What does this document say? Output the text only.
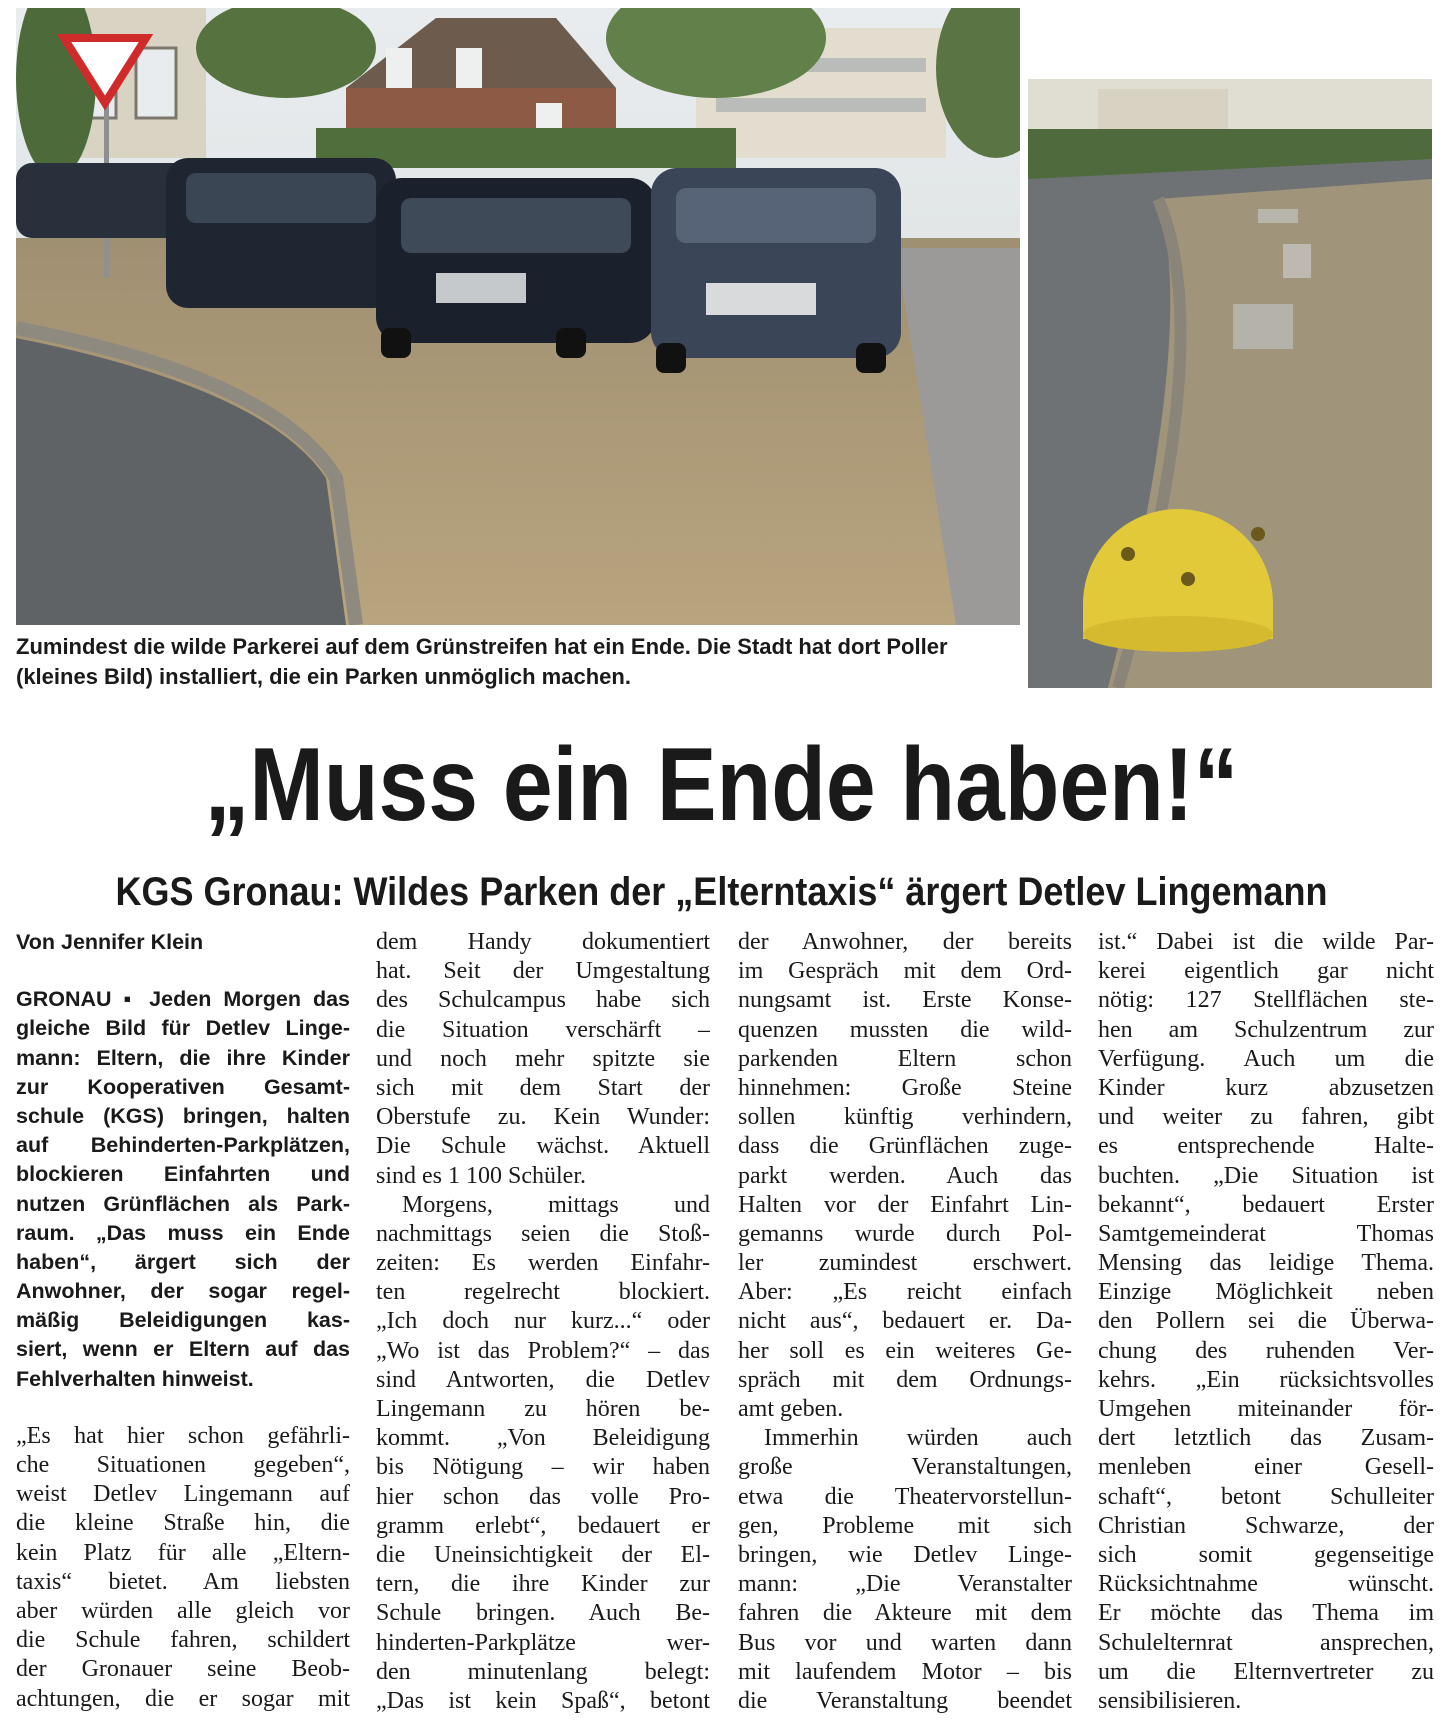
Zumindest die wilde Parkerei auf dem Grünstreifen hat ein Ende. Die Stadt hat dort Poller

(kleines Bild) installiert, die ein Parken unmöglich machen.

„Muss ein Ende haben!“
KGS Gronau: Wildes Parken der „Elterntaxis“ ärgert Detlev Lingemann
Von Jennifer Klein
GRONAU ▪ Jeden Morgen das
gleiche Bild für Detlev Linge-
mann: Eltern, die ihre Kinder
zur Kooperativen Gesamt-
schule (KGS) bringen, halten
auf Behinderten-Parkplätzen,
blockieren Einfahrten und
nutzen Grünflächen als Park-
raum. „Das muss ein Ende
haben“, ärgert sich der
Anwohner, der sogar regel-
mäßig Beleidigungen kas-
siert, wenn er Eltern auf das
Fehlverhalten hinweist.
„Es hat hier schon gefährli-
che Situationen gegeben“,
weist Detlev Lingemann auf
die kleine Straße hin, die
kein Platz für alle „Eltern-
taxis“ bietet. Am liebsten
aber würden alle gleich vor
die Schule fahren, schildert
der Gronauer seine Beob-
achtungen, die er sogar mit
dem Handy dokumentiert
hat. Seit der Umgestaltung
des Schulcampus habe sich
die Situation verschärft –
und noch mehr spitzte sie
sich mit dem Start der
Oberstufe zu. Kein Wunder:
Die Schule wächst. Aktuell
sind es 1 100 Schüler.
Morgens, mittags und
nachmittags seien die Stoß-
zeiten: Es werden Einfahr-
ten regelrecht blockiert.
„Ich doch nur kurz...“ oder
„Wo ist das Problem?“ – das
sind Antworten, die Detlev
Lingemann zu hören be-
kommt. „Von Beleidigung
bis Nötigung – wir haben
hier schon das volle Pro-
gramm erlebt“, bedauert er
die Uneinsichtigkeit der El-
tern, die ihre Kinder zur
Schule bringen. Auch Be-
hinderten-Parkplätze wer-
den minutenlang belegt:
„Das ist kein Spaß“, betont
der Anwohner, der bereits
im Gespräch mit dem Ord-
nungsamt ist. Erste Konse-
quenzen mussten die wild-
parkenden Eltern schon
hinnehmen: Große Steine
sollen künftig verhindern,
dass die Grünflächen zuge-
parkt werden. Auch das
Halten vor der Einfahrt Lin-
gemanns wurde durch Pol-
ler zumindest erschwert.
Aber: „Es reicht einfach
nicht aus“, bedauert er. Da-
her soll es ein weiteres Ge-
spräch mit dem Ordnungs-
amt geben.
Immerhin würden auch
große Veranstaltungen,
etwa die Theatervorstellun-
gen, Probleme mit sich
bringen, wie Detlev Linge-
mann: „Die Veranstalter
fahren die Akteure mit dem
Bus vor und warten dann
mit laufendem Motor – bis
die Veranstaltung beendet
ist.“ Dabei ist die wilde Par-
kerei eigentlich gar nicht
nötig: 127 Stellflächen ste-
hen am Schulzentrum zur
Verfügung. Auch um die
Kinder kurz abzusetzen
und weiter zu fahren, gibt
es entsprechende Halte-
buchten. „Die Situation ist
bekannt“, bedauert Erster
Samtgemeinderat Thomas
Mensing das leidige Thema.
Einzige Möglichkeit neben
den Pollern sei die Überwa-
chung des ruhenden Ver-
kehrs. „Ein rücksichtsvolles
Umgehen miteinander för-
dert letztlich das Zusam-
menleben einer Gesell-
schaft“, betont Schulleiter
Christian Schwarze, der
sich somit gegenseitige
Rücksichtnahme wünscht.
Er möchte das Thema im
Schulelternrat ansprechen,
um die Elternvertreter zu
sensibilisieren.
